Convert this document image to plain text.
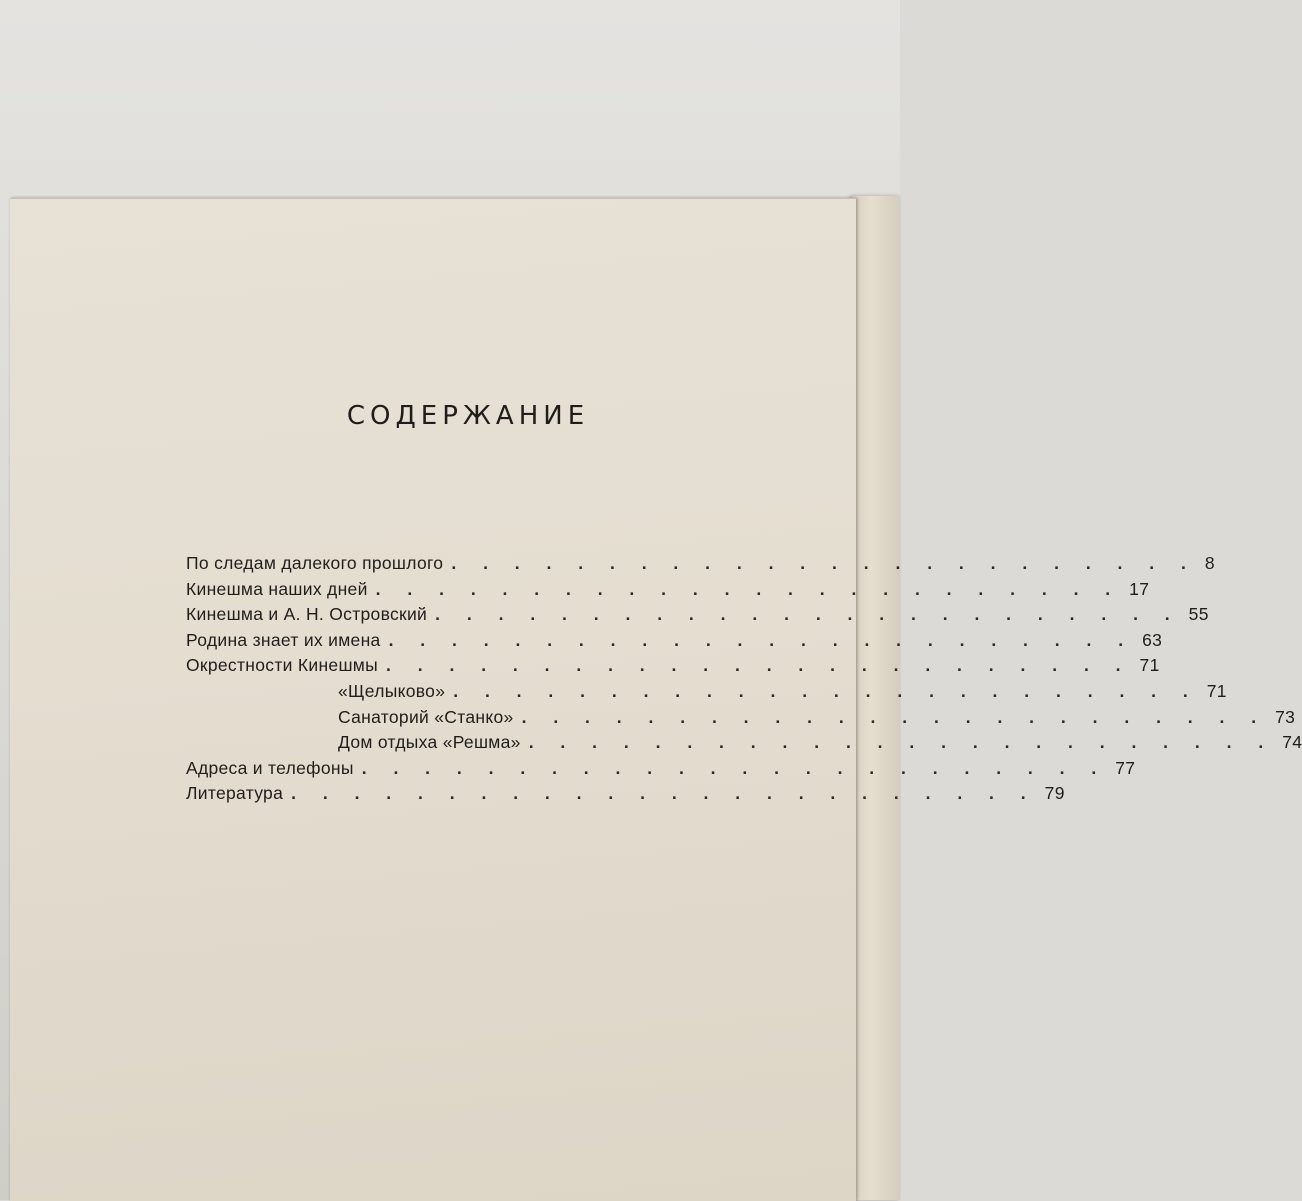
СОДЕРЖАНИЕ
По следам далекого прошлого . . . . . . . . . . . . . . . . . . . . . . . . 8
Кинешма наших дней . . . . . . . . . . . . . . . . . . . . . . . . 17
Кинешма и А. Н. Островский . . . . . . . . . . . . . . . . . . . . . . . . 55
Родина знает их имена . . . . . . . . . . . . . . . . . . . . . . . . 63
Окрестности Кинешмы . . . . . . . . . . . . . . . . . . . . . . . . 71
«Щелыково» . . . . . . . . . . . . . . . . . . . . . . . . 71
Санаторий «Станко» . . . . . . . . . . . . . . . . . . . . . . . . 73
Дом отдыха «Решма» . . . . . . . . . . . . . . . . . . . . . . . . 74
Адреса и телефоны . . . . . . . . . . . . . . . . . . . . . . . . 77
Литература . . . . . . . . . . . . . . . . . . . . . . . . 79
